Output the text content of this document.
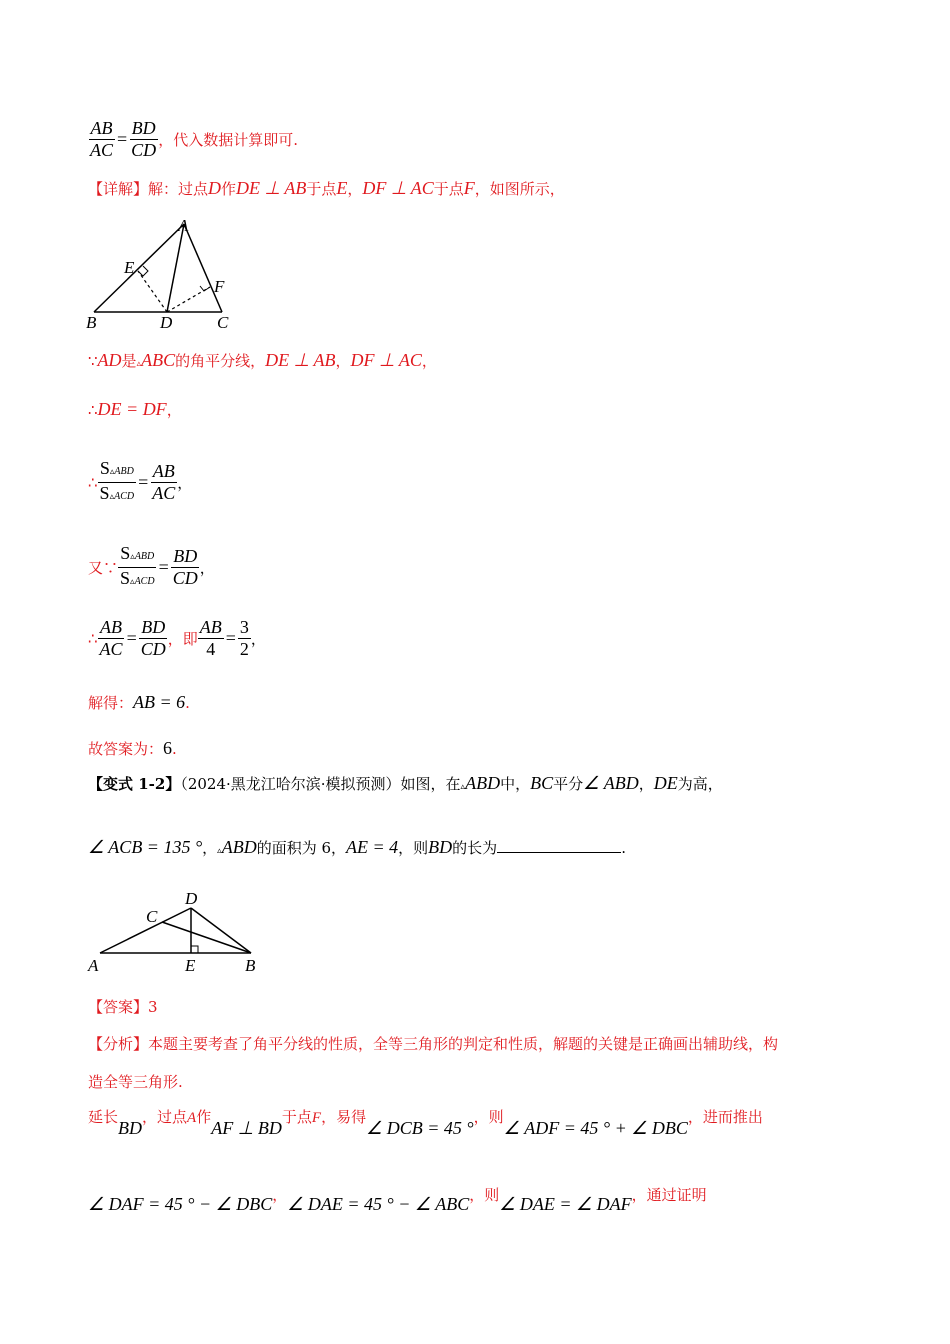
$\frac{AB}{AC} = \frac{BD}{CD}$ ，代入数据计算即可.
【详解】解：过点D作DE ⊥ AB于点E，DF ⊥ AC于点F，如图所示，
A
B	C
D
E
F
∵AD是▵ABC的角平分线，DE ⊥ AB，DF ⊥ AC，
∴DE = DF，
∴ $\frac{\text{S▵ABD}}{\text{S▵ACD}} = \frac{AB}{AC}$ ，
又∵ $\frac{\text{S▵ABD}}{\text{S▵ACD}} = \frac{BD}{CD}$ ，
∴ $\frac{AB}{AC} = \frac{BD}{CD}$ ，即 $\frac{AB}{4} = \frac{3}{2}$ ，
解得：AB = 6.
故答案为：6.
【变式 1-2】（2024·黑龙江哈尔滨·模拟预测）如图，在▵ABD中，BC平分∠ ABD，DE为高，
∠ ACB = 135 °，▵ABD的面积为 6，AE = 4，则BD的长为	.
D
C
A	E	B
【答案】3
【分析】本题主要考查了角平分线的性质，全等三角形的判定和性质，解题的关键是正确画出辅助线，构
造全等三角形.
延长BD，过点A作AF ⊥ BD于点F，易得∠ DCB = 45 °，则∠ ADF = 45 ° + ∠ DBC，进而推出
∠ DAF = 45 ° − ∠ DBC，∠ DAE = 45 ° − ∠ ABC，则∠ DAE = ∠ DAF，通过证明
